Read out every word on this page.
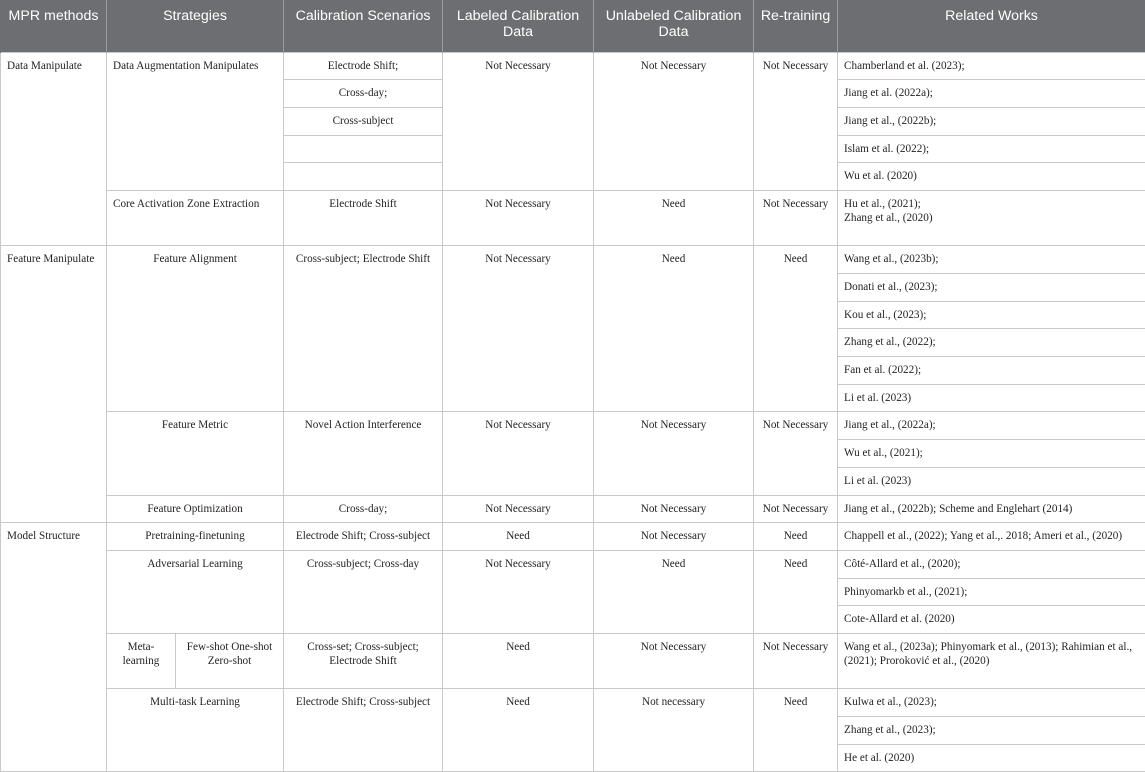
MPR methods	Strategies		Calibration Scenarios	Labeled Calibration Data	Unlabeled Calibration Data	Re-training	Related Works
Data Manipulate	Data Augmentation Manipulates		Electrode Shift;	Not Necessary	Not Necessary	Not Necessary	Chamberland et al. (2023);
			Cross-day;				Jiang et al. (2022a);
			Cross-subject				Jiang et al., (2022b);
							Islam et al. (2022);
							Wu et al. (2020)
	Core Activation Zone Extraction		Electrode Shift	Not Necessary	Need	Not Necessary	Hu et al., (2021);
Zhang et al., (2020)

Feature Manipulate	Feature Alignment		Cross-subject; Electrode Shift	Not Necessary	Need	Need	Wang et al., (2023b);
							Donati et al., (2023);
							Kou et al., (2023);
							Zhang et al., (2022);
							Fan et al. (2022);
							Li et al. (2023)
	Feature Metric		Novel Action Interference	Not Necessary	Not Necessary	Not Necessary	Jiang et al., (2022a);
							Wu et al., (2021);
							Li et al. (2023)
	Feature Optimization		Cross-day;	Not Necessary	Not Necessary	Not Necessary	Jiang et al., (2022b); Scheme and Englehart (2014)
Model Structure	Pretraining-finetuning		Electrode Shift; Cross-subject	Need	Not Necessary	Need	Chappell et al., (2022); Yang et al.,. 2018; Ameri et al., (2020)
	Adversarial Learning		Cross-subject; Cross-day	Not Necessary	Need	Need	Côté-Allard et al., (2020);
							Phinyomarkb et al., (2021);
							Cote-Allard et al. (2020)
	Meta-learning	Few-shot One-shot Zero-shot	Cross-set; Cross-subject; Electrode Shift	Need	Not Necessary	Not Necessary	Wang et al., (2023a); Phinyomark et al., (2013); Rahimian et al., (2021); Proroković et al., (2020)

	Multi-task Learning		Electrode Shift; Cross-subject	Need	Not necessary	Need	Kulwa et al., (2023);
							Zhang et al., (2023);
							He et al. (2020)
